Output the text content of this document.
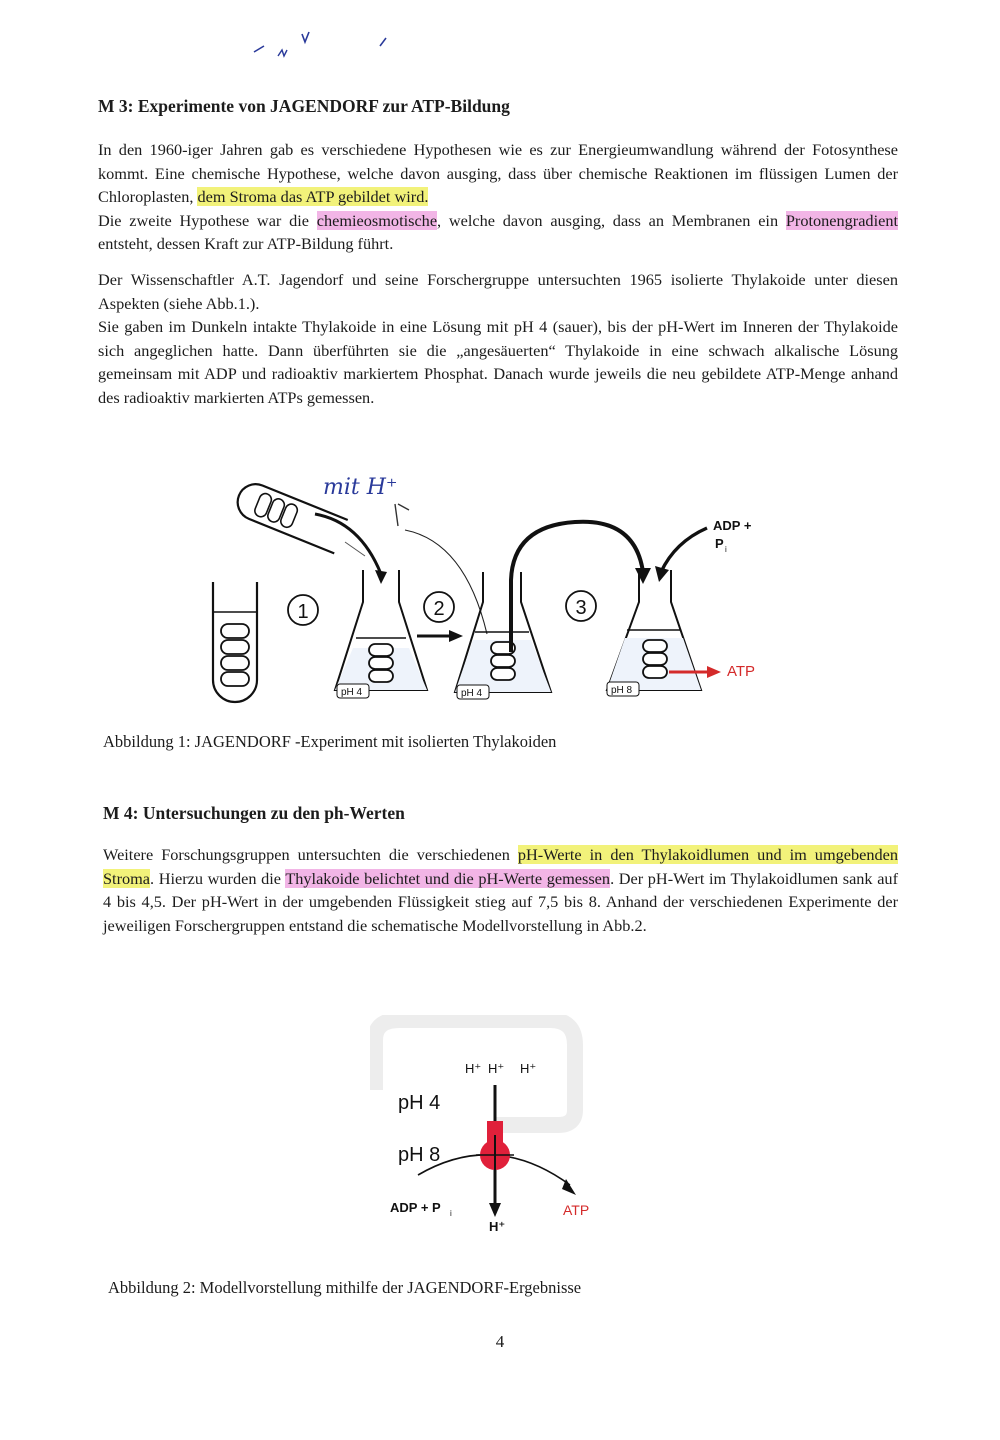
M 3: Experimente von JAGENDORF zur ATP-Bildung

In den 1960-iger Jahren gab es verschiedene Hypothesen wie es zur Energieumwandlung während der Fotosynthese kommt. Eine chemische Hypothese, welche davon ausging, dass über chemische Reaktionen im flüssigen Lumen der Chloroplasten, dem Stroma das ATP gebildet wird.
Die zweite Hypothese war die chemieosmotische, welche davon ausging, dass an Membranen ein Protonengradient entsteht, dessen Kraft zur ATP-Bildung führt.

Der Wissenschaftler A.T. Jagendorf und seine Forschergruppe untersuchten 1965 isolierte Thylakoide unter diesen Aspekten (siehe Abb.1.).
Sie gaben im Dunkeln intakte Thylakoide in eine Lösung mit pH 4 (sauer), bis der pH-Wert im Inneren der Thylakoide sich angeglichen hatte. Dann überführten sie die „angesäuerten“ Thylakoide in eine schwach alkalische Lösung gemeinsam mit ADP und radioaktiv markiertem Phosphat. Danach wurde jeweils die neu gebildete ATP-Menge anhand des radioaktiv markierten ATPs gemessen.

mit H⁺
1
pH 4
2
pH 4
3
pH 8
ADP +
P i
ATP

Abbildung 1: JAGENDORF -Experiment mit isolierten Thylakoiden

M 4: Untersuchungen zu den ph-Werten

Weitere Forschungsgruppen untersuchten die verschiedenen pH-Werte in den Thylakoidlumen und im umgebenden Stroma. Hierzu wurden die Thylakoide belichtet und die pH-Werte gemessen. Der pH-Wert im Thylakoidlumen sank auf 4 bis 4,5. Der pH-Wert in der umgebenden Flüssigkeit stieg auf 7,5 bis 8. Anhand der verschiedenen Experimente der jeweiligen Forschergruppen entstand die schematische Modellvorstellung in Abb.2.

H⁺ H⁺ H⁺
pH 4
pH 8
ADP + P i
H⁺
ATP

Abbildung 2: Modellvorstellung mithilfe der JAGENDORF-Ergebnisse

4
